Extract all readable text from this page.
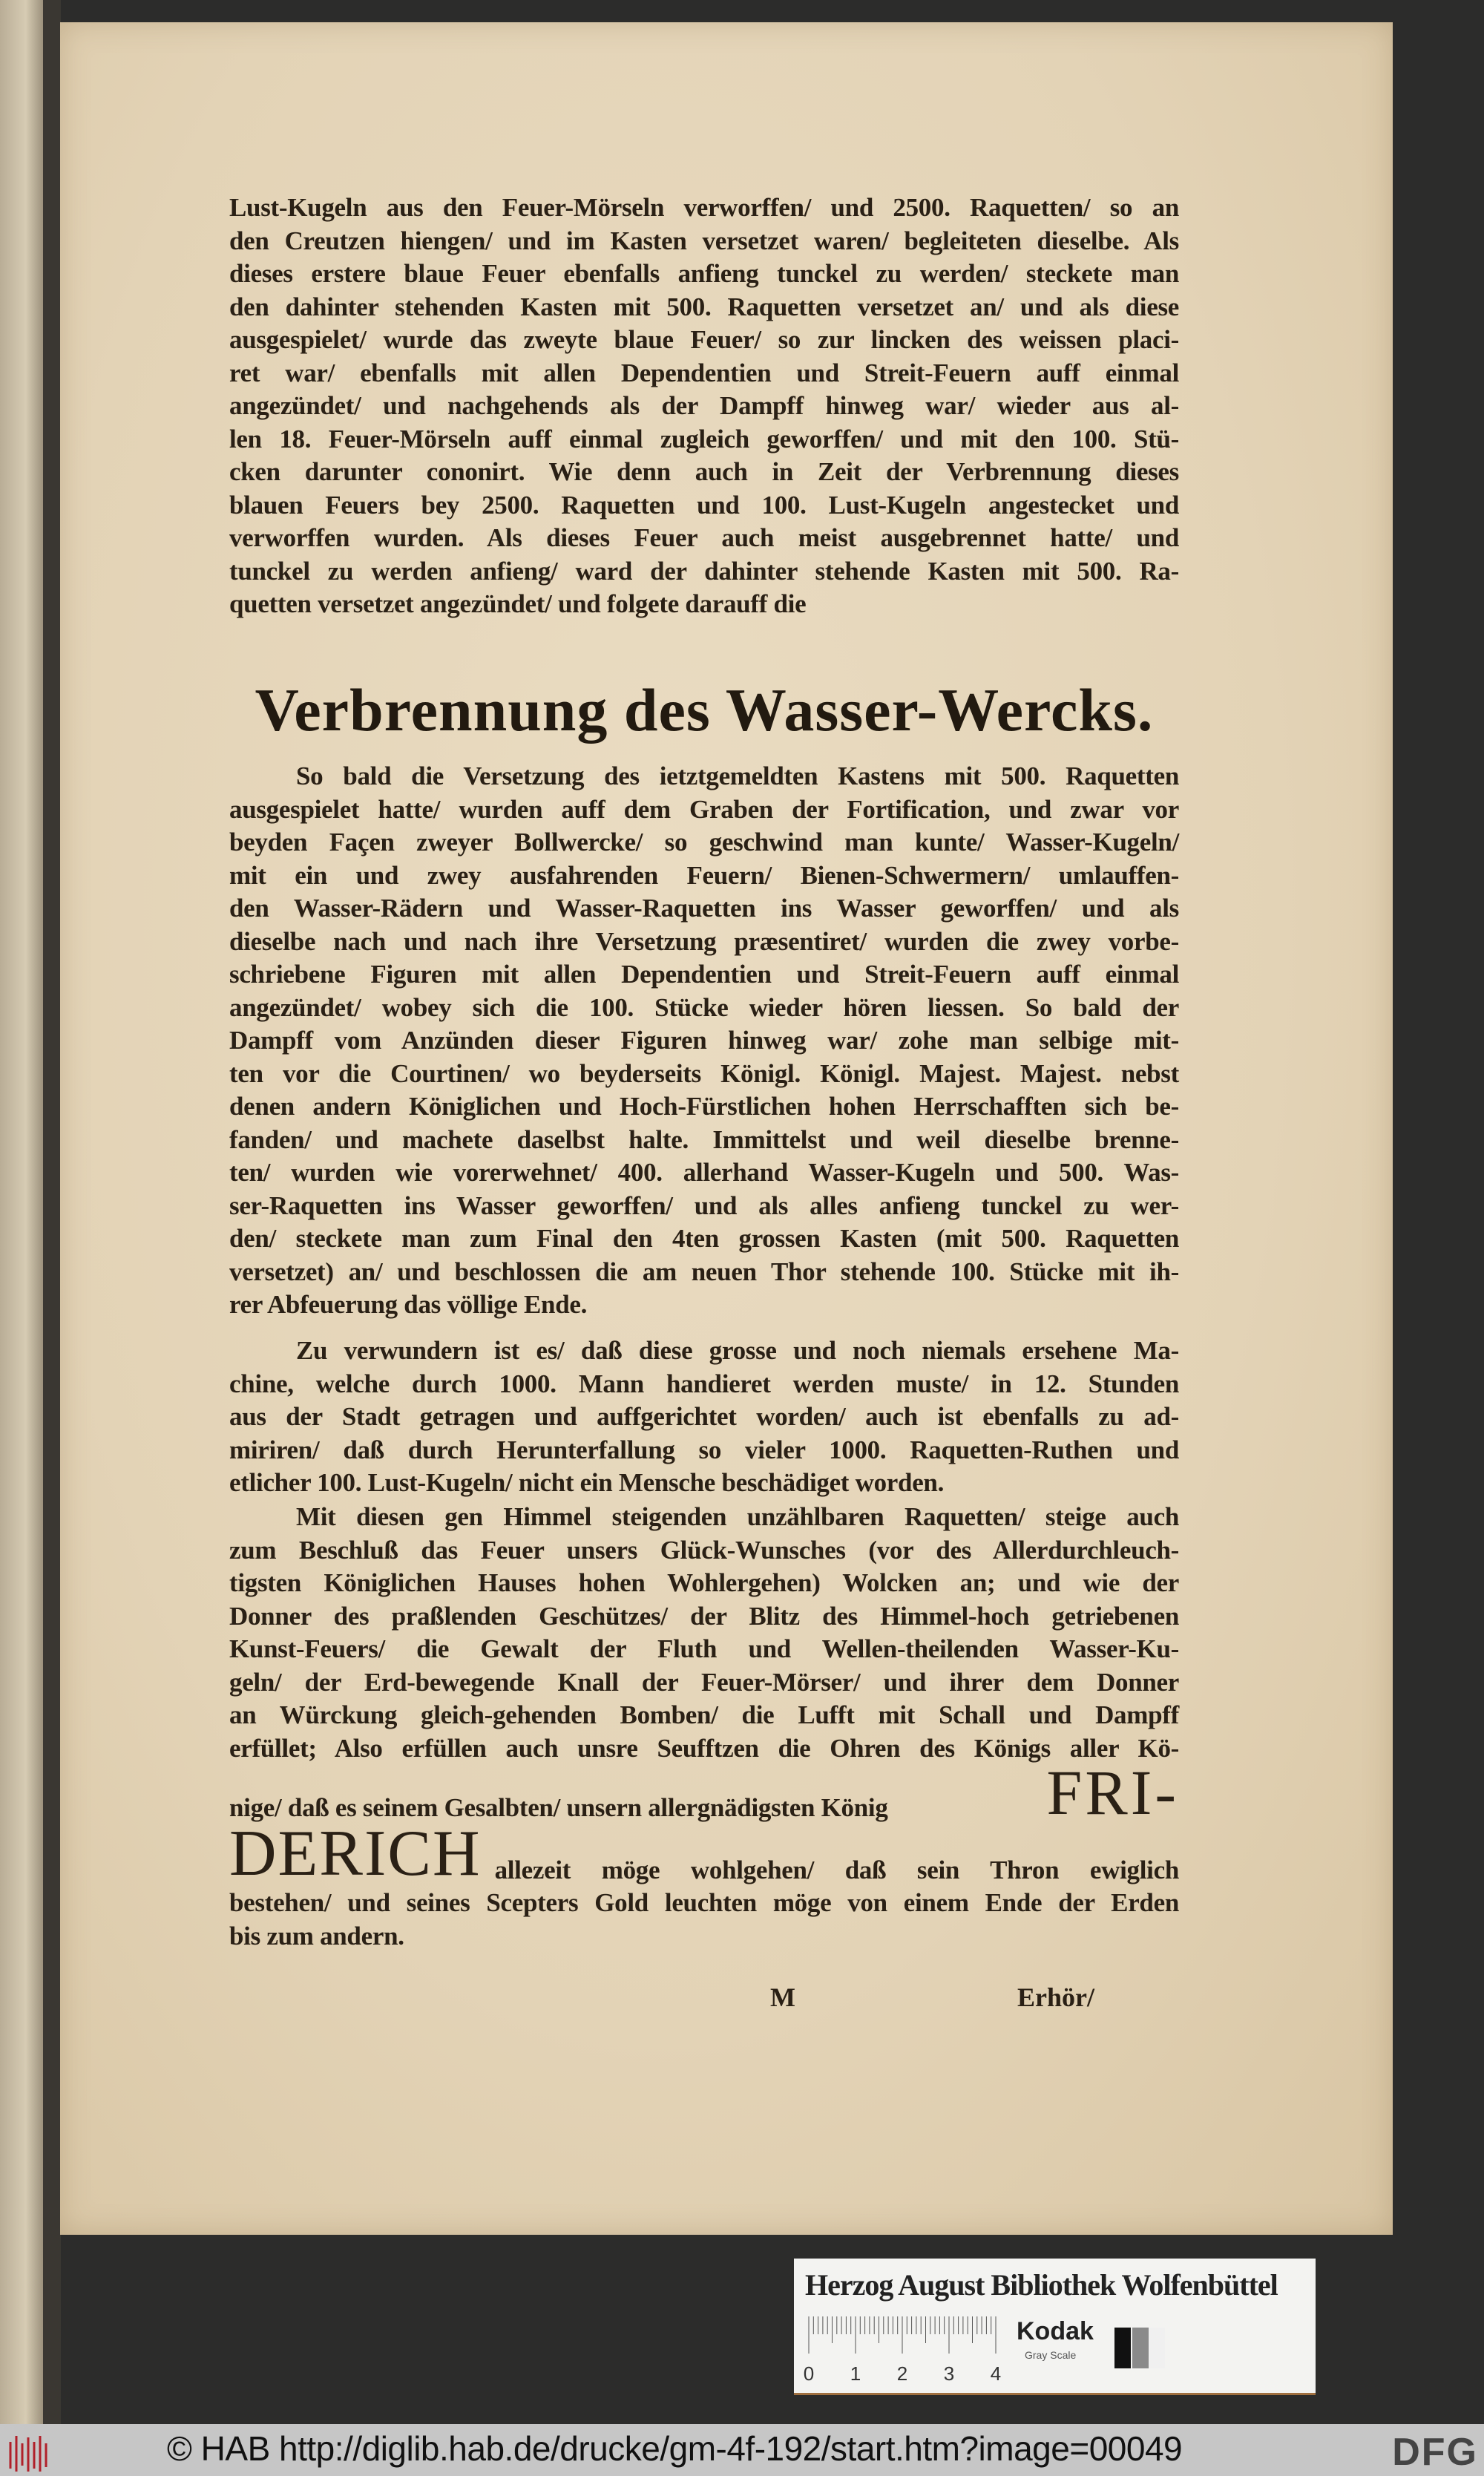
Lust-Kugeln aus den Feuer-Mörseln verworffen/ und 2500. Raquetten/ so an
den Creutzen hiengen/ und im Kasten versetzet waren/ begleiteten dieselbe. Als
dieses erstere blaue Feuer ebenfalls anfieng tunckel zu werden/ steckete man
den dahinter stehenden Kasten mit 500. Raquetten versetzet an/ und als diese
ausgespielet/ wurde das zweyte blaue Feuer/ so zur lincken des weissen placi-
ret war/ ebenfalls mit allen Dependentien und Streit-Feuern auff einmal
angezündet/ und nachgehends als der Dampff hinweg war/ wieder aus al-
len 18. Feuer-Mörseln auff einmal zugleich geworffen/ und mit den 100. Stü-
cken darunter cononirt. Wie denn auch in Zeit der Verbrennung dieses
blauen Feuers bey 2500. Raquetten und 100. Lust-Kugeln angestecket und
verworffen wurden. Als dieses Feuer auch meist ausgebrennet hatte/ und
tunckel zu werden anfieng/ ward der dahinter stehende Kasten mit 500. Ra-
quetten versetzet angezündet/ und folgete darauff die
Verbrennung des Wasser-Wercks.
So bald die Versetzung des ietztgemeldten Kastens mit 500. Raquetten
ausgespielet hatte/ wurden auff dem Graben der Fortification, und zwar vor
beyden Façen zweyer Bollwercke/ so geschwind man kunte/ Wasser-Kugeln/
mit ein und zwey ausfahrenden Feuern/ Bienen-Schwermern/ umlauffen-
den Wasser-Rädern und Wasser-Raquetten ins Wasser geworffen/ und als
dieselbe nach und nach ihre Versetzung præsentiret/ wurden die zwey vorbe-
schriebene Figuren mit allen Dependentien und Streit-Feuern auff einmal
angezündet/ wobey sich die 100. Stücke wieder hören liessen. So bald der
Dampff vom Anzünden dieser Figuren hinweg war/ zohe man selbige mit-
ten vor die Courtinen/ wo beyderseits Königl. Königl. Majest. Majest. nebst
denen andern Königlichen und Hoch-Fürstlichen hohen Herrschafften sich be-
fanden/ und machete daselbst halte. Immittelst und weil dieselbe brenne-
ten/ wurden wie vorerwehnet/ 400. allerhand Wasser-Kugeln und 500. Was-
ser-Raquetten ins Wasser geworffen/ und als alles anfieng tunckel zu wer-
den/ steckete man zum Final den 4ten grossen Kasten (mit 500. Raquetten
versetzet) an/ und beschlossen die am neuen Thor stehende 100. Stücke mit ih-
rer Abfeuerung das völlige Ende.
Zu verwundern ist es/ daß diese grosse und noch niemals ersehene Ma-
chine, welche durch 1000. Mann handieret werden muste/ in 12. Stunden
aus der Stadt getragen und auffgerichtet worden/ auch ist ebenfalls zu ad-
miriren/ daß durch Herunterfallung so vieler 1000. Raquetten-Ruthen und
etlicher 100. Lust-Kugeln/ nicht ein Mensche beschädiget worden.
Mit diesen gen Himmel steigenden unzählbaren Raquetten/ steige auch
zum Beschluß das Feuer unsers Glück-Wunsches (vor des Allerdurchleuch-
tigsten Königlichen Hauses hohen Wohlergehen) Wolcken an; und wie der
Donner des praßlenden Geschützes/ der Blitz des Himmel-hoch getriebenen
Kunst-Feuers/ die Gewalt der Fluth und Wellen-theilenden Wasser-Ku-
geln/ der Erd-bewegende Knall der Feuer-Mörser/ und ihrer dem Donner
an Würckung gleich-gehenden Bomben/ die Lufft mit Schall und Dampff
erfüllet; Also erfüllen auch unsre Seufftzen die Ohren des Königs aller Kö-
nige/ daß es seinem Gesalbten/ unsern allergnädigsten König FRI-
DERICH allezeit möge wohlgehen/ daß sein Thron ewiglich
bestehen/ und seines Scepters Gold leuchten möge von einem Ende der Erden
bis zum andern.
M	Erhör/
Herzog August Bibliothek Wolfenbüttel
0 1 2 3 4
Kodak
Gray Scale
© HAB http://diglib.hab.de/drucke/gm-4f-192/start.htm?image=00049	DFG
